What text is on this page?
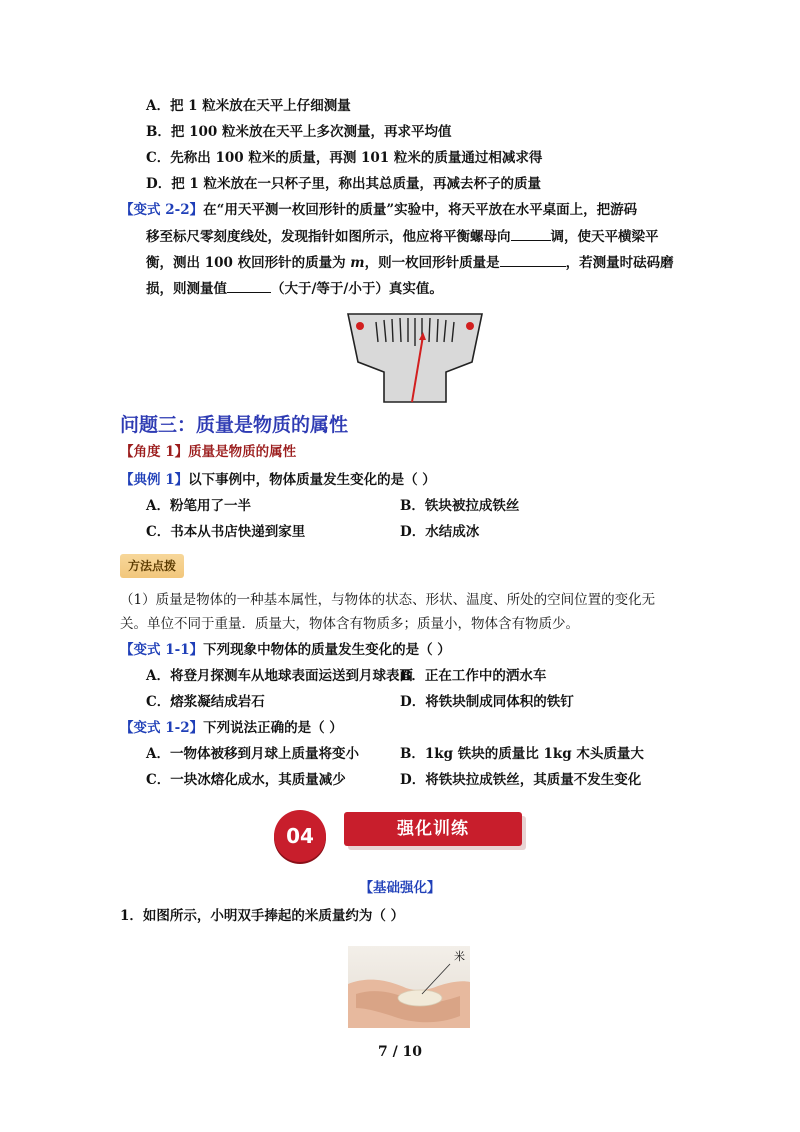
A．把 1 粒米放在天平上仔细测量
B．把 100 粒米放在天平上多次测量，再求平均值
C．先称出 100 粒米的质量，再测 101 粒米的质量通过相减求得
D．把 1 粒米放在一只杯子里，称出其总质量，再减去杯子的质量
【变式 2-2】在“用天平测一枚回形针的质量”实验中，将天平放在水平桌面上，把游码
移至标尺零刻度线处，发现指针如图所示，他应将平衡螺母向	调，使天平横梁平
衡，测出 100 枚回形针的质量为 m，则一枚回形针质量是	，若测量时砝码磨
损，则测量值	（大于/等于/小于）真实值。
问题三：质量是物质的属性
【角度 1】质量是物质的属性
【典例 1】以下事例中，物体质量发生变化的是（ ）
A．粉笔用了一半	B．铁块被拉成铁丝
C．书本从书店快递到家里	D．水结成冰
方法点拨
（1）质量是物体的一种基本属性，与物体的状态、形状、温度、所处的空间位置的变化无
关。单位不同于重量．质量大，物体含有物质多；质量小，物体含有物质少。
【变式 1-1】下列现象中物体的质量发生变化的是（ ）
A．将登月探测车从地球表面运送到月球表面
B．正在工作中的洒水车
C．熔浆凝结成岩石	D．将铁块制成同体积的铁钉
【变式 1-2】下列说法正确的是（ ）
A．一物体被移到月球上质量将变小	B．1kg 铁块的质量比 1kg 木头质量大
C．一块冰熔化成水，其质量减少	D．将铁块拉成铁丝，其质量不发生变化
04	强化训练
【基础强化】
1．如图所示，小明双手捧起的米质量约为（ ）
米
7 / 10
